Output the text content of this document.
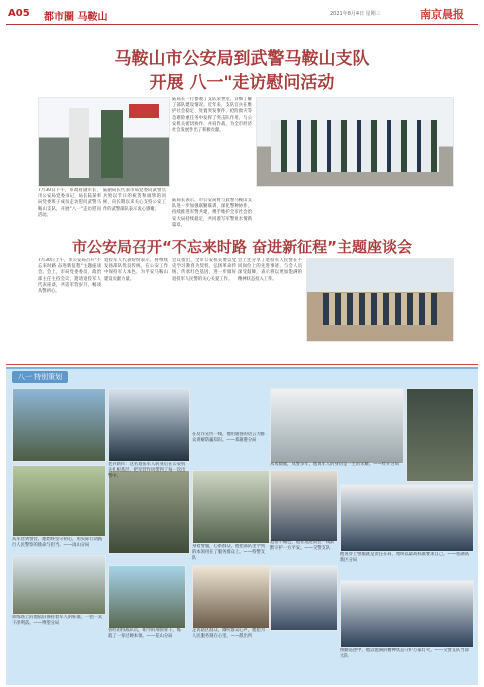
A05 都市圈 马鞍山	2021年8月4日 星期三	南京晨报
马鞍山市公安局到武警马鞍山支队
开展 八一"走访慰问活动
7月30日下午，市政府副市长、市公安局党委书记、局长陆某率局党委班子成员走访慰问武警马鞍山支队，开展"八一"走访慰问活动。
陆副局长代表市局党委向武警官兵致以节日的祝贺和诚挚的问候，向长期以来关心支持公安工作的武警部队表示衷心感谢。
陆局长一行参观了支队荣誉室，详细了解了部队建设情况。近年来，支队官兵在维护社会稳定、处置突发事件、抢险救灾等急难险重任务中发挥了突击队作用，与公安机关密切协作、并肩作战，为全市经济社会发展作出了积极贡献。
陆局长表示，市公安局将与武警马鞍山支队进一步加强联勤联训，深化警种协作，持续推进军警共建，携手维护全市社会治安大局持续稳定，共同谱写军警鱼水情新篇章。
市公安局召开“不忘来时路 奋进新征程”主题座谈会
7月30日上午，市公安局召开"不忘来时路 奋进新征程"主题座谈会。会上，市局党委委员、政治部主任主持会议，邀请退役军人代表座谈，共话军营岁月、畅谈从警初心。
退役军人代表纷纷表示，将继续发扬部队优良传统，在公安工作中保持军人本色，为平安马鞍山建设贡献力量。
会议指出，全市公安机关要以党史学习教育为契机，弘扬革命传统，传承红色基因，进一步做好退役军人民警的关心关爱工作。
会上还分享了退役军人民警在不同岗位上的先进事迹，与会人员深受鼓舞，表示将以更加饱满的精神状态投入工作。
八一 特别策划
老兵新传：这名退伍军人转业后在公安机关扎根基层，把军营作风带到了每一次出警中。
在反诈宣传一线，他用通俗的语言为群众讲解防骗知识。——郑蒲港分局
从戎数载，从警多年，他说军人的身份是一生的荣耀。——经开分局
从军营到警营，他始终坚守初心，用实际行动践行人民警察的使命与担当。——雨山分局	身着警服，心系群众，他把部队里学到的本领用在了服务群众上。——特警支队
退伍不褪色，他在巡逻防控一线默默守护一方平安。——交警支队
他说穿上警服就是责任在肩，始终以最高标准要求自己。——慈湖高新区分局
训练场上的他依旧保持着军人的标准，一招一式干净利落。——博望分局
曾经的特战队员，如今的刑侦骨干，练就了一身过硬本领。——花山分局
走访辖区群众，倾听群众心声，他把为人民服务刻在心里。——派出所
执勤巡逻中，他以饱满的精神状态守护万家灯火。——交警支队当涂大队
